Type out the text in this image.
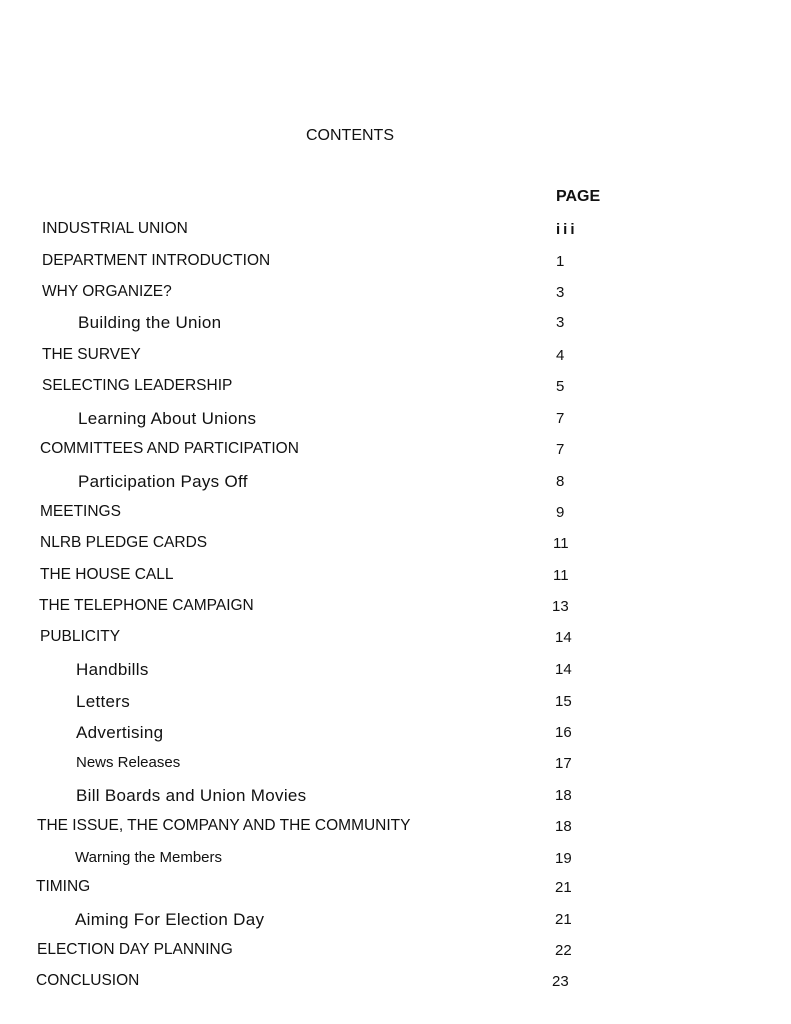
CONTENTS
PAGE
INDUSTRIAL UNION	iii
DEPARTMENT INTRODUCTION	1
WHY ORGANIZE?	3
Building the Union	3
THE SURVEY	4
SELECTING LEADERSHIP	5
Learning About Unions	7
COMMITTEES AND PARTICIPATION	7
Participation Pays Off	8
MEETINGS	9
NLRB PLEDGE CARDS	11
THE HOUSE CALL	11
THE TELEPHONE CAMPAIGN	13
PUBLICITY	14
Handbills	14
Letters	15
Advertising	16
News Releases	17
Bill Boards and Union Movies	18
THE ISSUE, THE COMPANY AND THE COMMUNITY	18
Warning the Members	19
TIMING	21
Aiming For Election Day	21
ELECTION DAY PLANNING	22
CONCLUSION	23
